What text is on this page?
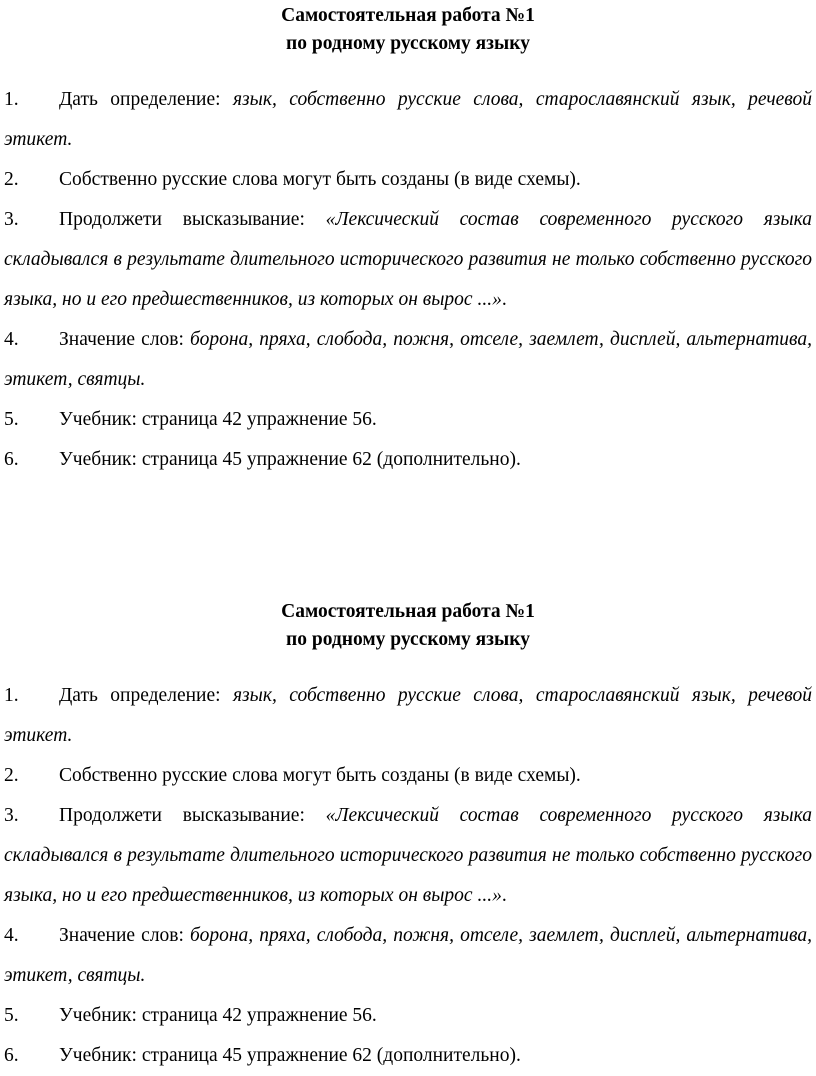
Самостоятельная работа №1
по родному русскому языку

1. Дать определение: язык, собственно русские слова, старославянский язык, речевой этикет.
2. Собственно русские слова могут быть созданы (в виде схемы).
3. Продолжети высказывание: «Лексический состав современного русского языка складывался в результате длительного исторического развития не только собственно русского языка, но и его предшественников, из которых он вырос ...».
4. Значение слов: борона, пряха, слобода, пожня, отселе, заемлет, дисплей, альтернатива, этикет, святцы.
5. Учебник: страница 42 упражнение 56.
6. Учебник: страница 45 упражнение 62 (дополнительно).

Самостоятельная работа №1
по родному русскому языку

1. Дать определение: язык, собственно русские слова, старославянский язык, речевой этикет.
2. Собственно русские слова могут быть созданы (в виде схемы).
3. Продолжети высказывание: «Лексический состав современного русского языка складывался в результате длительного исторического развития не только собственно русского языка, но и его предшественников, из которых он вырос ...».
4. Значение слов: борона, пряха, слобода, пожня, отселе, заемлет, дисплей, альтернатива, этикет, святцы.
5. Учебник: страница 42 упражнение 56.
6. Учебник: страница 45 упражнение 62 (дополнительно).
